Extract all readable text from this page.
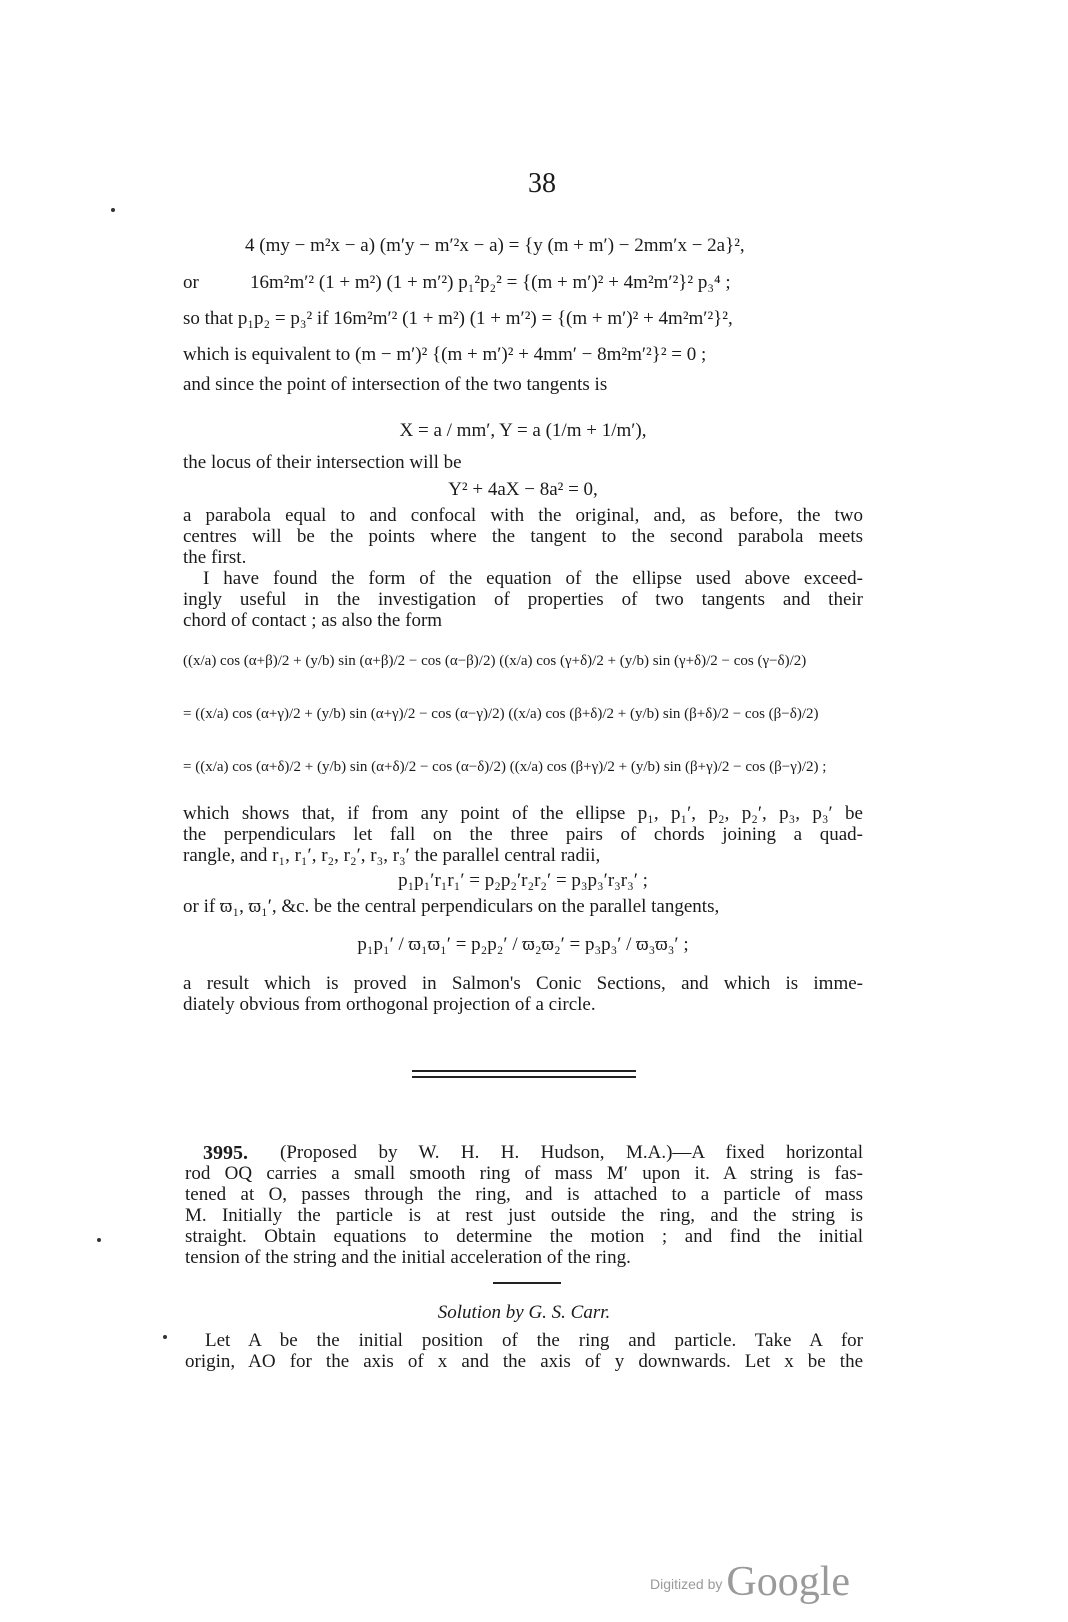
38
4 (my − m²x − a) (m′y − m′²x − a) = {y (m + m′) − 2mm′x − 2a}²,
or	16m²m′² (1 + m²) (1 + m′²) p₁²p₂² = {(m + m′)² + 4m²m′²}² p₃⁴ ;
so that p₁p₂ = p₃² if 16m²m′² (1 + m²) (1 + m′²) = {(m + m′)² + 4m²m′²}²,
which is equivalent to (m − m′)² {(m + m′)² + 4mm′ − 8m²m′²}² = 0 ;
and since the point of intersection of the two tangents is
X = a / mm′, Y = a (1/m + 1/m′),
the locus of their intersection will be
Y² + 4aX − 8a² = 0,
a parabola equal to and confocal with the original, and, as before, the two
centres will be the points where the tangent to the second parabola meets
the first.
I have found the form of the equation of the ellipse used above exceed-
ingly useful in the investigation of properties of two tangents and their
chord of contact ; as also the form
((x/a) cos (α+β)/2 + (y/b) sin (α+β)/2 − cos (α−β)/2) ((x/a) cos (γ+δ)/2 + (y/b) sin (γ+δ)/2 − cos (γ−δ)/2)
= ((x/a) cos (α+γ)/2 + (y/b) sin (α+γ)/2 − cos (α−γ)/2) ((x/a) cos (β+δ)/2 + (y/b) sin (β+δ)/2 − cos (β−δ)/2)
= ((x/a) cos (α+δ)/2 + (y/b) sin (α+δ)/2 − cos (α−δ)/2) ((x/a) cos (β+γ)/2 + (y/b) sin (β+γ)/2 − cos (β−γ)/2) ;
which shows that, if from any point of the ellipse p₁, p₁′, p₂, p₂′, p₃, p₃′ be
the perpendiculars let fall on the three pairs of chords joining a quad-
rangle, and r₁, r₁′, r₂, r₂′, r₃, r₃′ the parallel central radii,
p₁p₁′r₁r₁′ = p₂p₂′r₂r₂′ = p₃p₃′r₃r₃′ ;
or if ϖ₁, ϖ₁′, &c. be the central perpendiculars on the parallel tangents,
p₁p₁′ / ϖ₁ϖ₁′ = p₂p₂′ / ϖ₂ϖ₂′ = p₃p₃′ / ϖ₃ϖ₃′ ;
a result which is proved in Salmon's Conic Sections, and which is imme-
diately obvious from orthogonal projection of a circle.
3995. (Proposed by W. H. H. Hudson, M.A.)—A fixed horizontal
rod OQ carries a small smooth ring of mass M′ upon it. A string is fas-
tened at O, passes through the ring, and is attached to a particle of mass
M. Initially the particle is at rest just outside the ring, and the string is
straight. Obtain equations to determine the motion ; and find the initial
tension of the string and the initial acceleration of the ring.
Solution by G. S. Carr.
Let A be the initial position of the ring and particle. Take A for
origin, AO for the axis of x and the axis of y downwards. Let x be the
Digitized by Google
